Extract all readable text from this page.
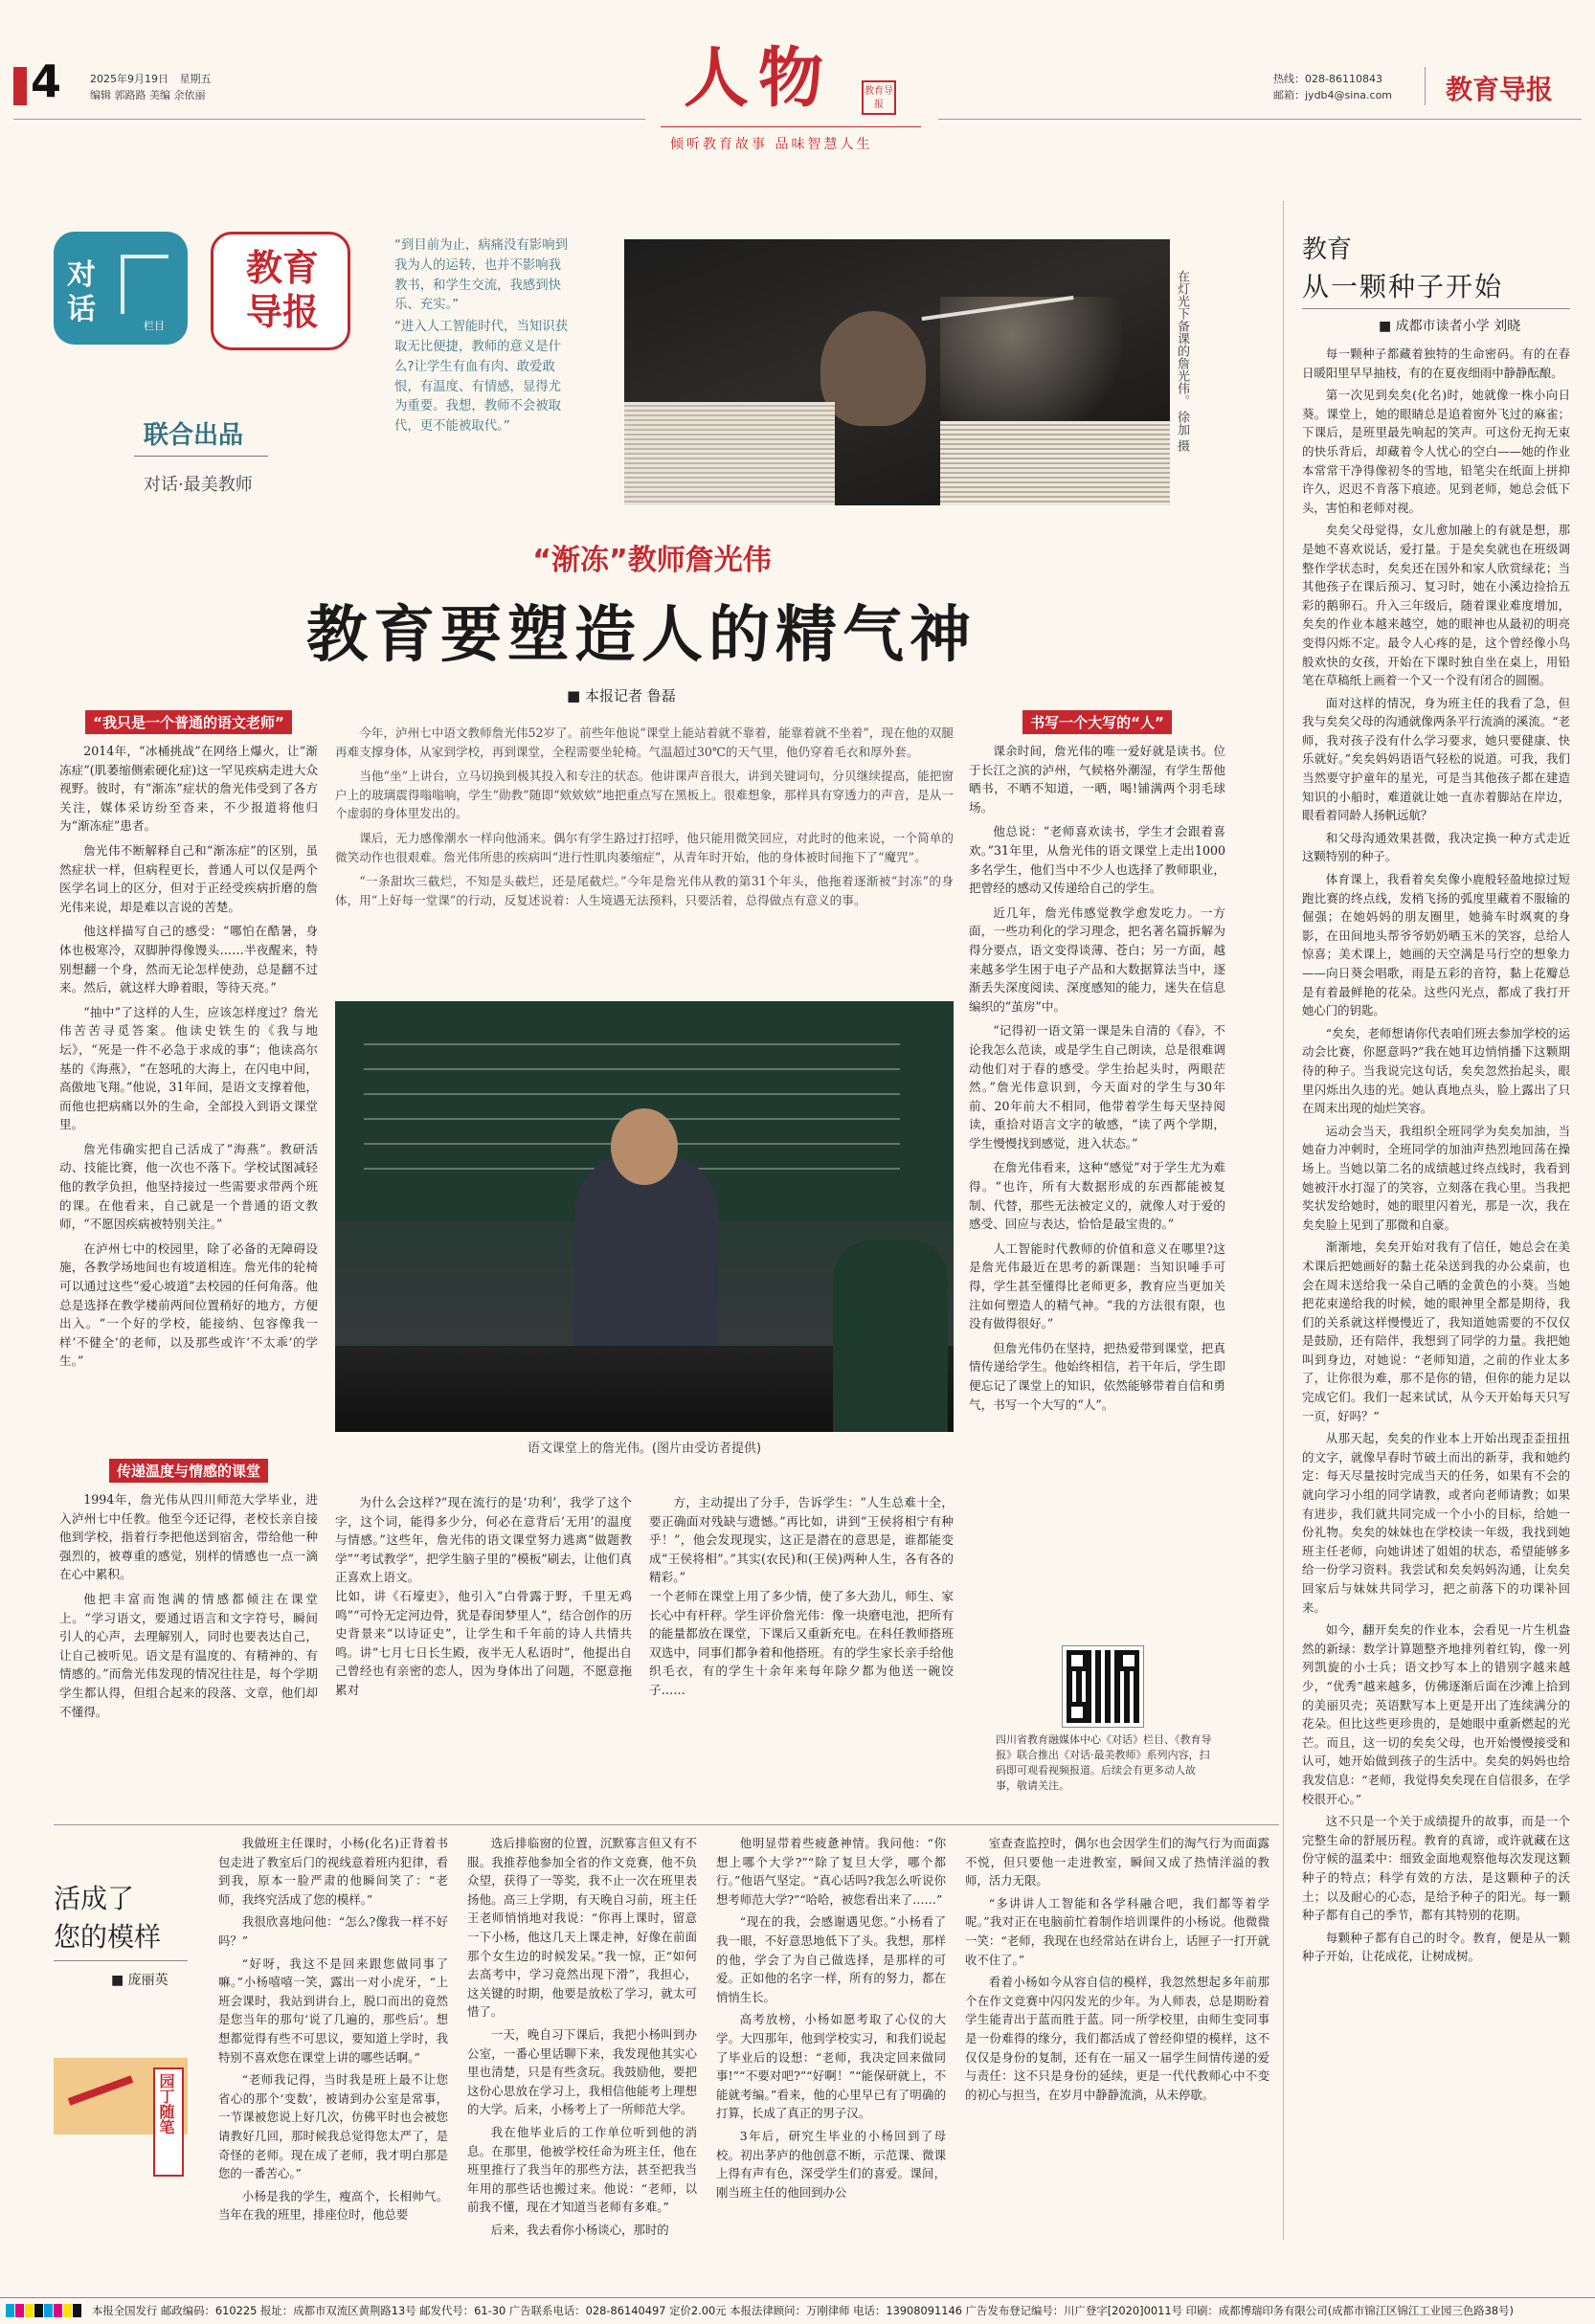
4	2025年9月19日 星期五
编辑 郭路路 美编 余依丽	人物	教育导报
倾听教育故事 品味智慧人生
热线：028-86110843
邮箱：jydb4@sina.com 教育导报
对话	栏目
教育导报
联合出品
对话·最美教师

“到目前为止，病痛没有影响到我为人的运转，也并不影响我教书，和学生交流，我感到快乐、充实。”

“进入人工智能时代，当知识获取无比便捷，教师的意义是什么?让学生有血有肉、敢爱敢恨，有温度、有情感，显得尤为重要。我想，教师不会被取代，更不能被取代。”	在灯光下备课的詹光伟。 徐加 摄
“渐冻”教师詹光伟
教育要塑造人的精气神
■ 本报记者 鲁磊
“我只是一个普通的语文老师”

2014年，“冰桶挑战”在网络上爆火，让“渐冻症”(肌萎缩侧索硬化症)这一罕见疾病走进大众视野。彼时，有“渐冻”症状的詹光伟受到了各方关注，媒体采访纷至沓来，不少报道将他归为“渐冻症”患者。

詹光伟不断解释自己和“渐冻症”的区别，虽然症状一样，但病程更长，普通人可以仅是两个医学名词上的区分，但对于正经受疾病折磨的詹光伟来说，却是难以言说的苦楚。

他这样描写自己的感受：“哪怕在酷暑，身体也极寒冷，双脚肿得像馒头……半夜醒来，特别想翻一个身，然而无论怎样使劲，总是翻不过来。然后，就这样大睁着眼，等待天亮。”

“抽中”了这样的人生，应该怎样度过？詹光伟苦苦寻觅答案。他读史铁生的《我与地坛》，“死是一件不必急于求成的事”；他读高尔基的《海燕》，“在怒吼的大海上，在闪电中间，高傲地飞翔。”他说，31年间，是语文支撑着他，而他也把病痛以外的生命，全部投入到语文课堂里。

詹光伟确实把自己活成了“海燕”。教研活动、技能比赛，他一次也不落下。学校试图减轻他的教学负担，他坚持接过一些需要求带两个班的课。在他看来，自己就是一个普通的语文教师，“不愿因疾病被特别关注。”

在泸州七中的校园里，除了必备的无障碍设施，各教学场地间也有坡道相连。詹光伟的轮椅可以通过这些“爱心坡道”去校园的任何角落。他总是选择在教学楼前两间位置稍好的地方，方便出入。“一个好的学校，能接纳、包容像我一样‘不健全’的老师，以及那些或许‘不太乖’的学生。”

今年，泸州七中语文教师詹光伟52岁了。前些年他说“课堂上能站着就不靠着，能靠着就不坐着”，现在他的双腿再难支撑身体，从家到学校，再到课堂，全程需要坐轮椅。气温超过30℃的天气里，他仍穿着毛衣和厚外套。

当他“坐”上讲台，立马切换到极其投入和专注的状态。他讲课声音很大，讲到关键词句，分贝继续提高，能把窗户上的玻璃震得嗡嗡响，学生“勋教”随即“欸欸欸”地把重点写在黑板上。很难想象，那样具有穿透力的声音，是从一个虚弱的身体里发出的。

课后，无力感像潮水一样向他涌来。偶尔有学生路过打招呼，他只能用微笑回应，对此时的他来说，一个简单的微笑动作也很艰难。詹光伟所患的疾病叫“进行性肌肉萎缩症”，从青年时开始，他的身体被时间拖下了“魔咒”。

“一条甜坎三截烂，不知是头截烂，还是尾截烂。”今年是詹光伟从教的第31个年头，他拖着逐渐被“封冻”的身体，用“上好每一堂课”的行动，反复述说着：人生境遇无法预料，只要活着，总得做点有意义的事。

语文课堂上的詹光伟。(图片由受访者提供)
书写一个大写的“人”

课余时间，詹光伟的唯一爱好就是读书。位于长江之滨的泸州，气候格外潮湿，有学生帮他晒书，不晒不知道，一晒，喝!铺满两个羽毛球场。

他总说：“老师喜欢读书，学生才会跟着喜欢。”31年里，从詹光伟的语文课堂上走出1000多名学生，他们当中不少人也选择了教师职业，把曾经的感动又传递给自己的学生。

近几年，詹光伟感觉教学愈发吃力。一方面，一些功利化的学习理念，把名著名篇拆解为得分要点，语文变得谈薄、苍白；另一方面，越来越多学生困于电子产品和大数据算法当中，逐渐丢失深度阅读、深度感知的能力，迷失在信息编织的“茧房”中。

“记得初一语文第一课是朱自清的《春》，不论我怎么范读，或是学生自己朗读，总是很难调动他们对于春的感受。学生抬起头时，两眼茫然。”詹光伟意识到，今天面对的学生与30年前、20年前大不相同，他带着学生每天坚持阅读，重拾对语言文字的敏感，“读了两个学期，学生慢慢找到感觉，进入状态。”

在詹光伟看来，这种“感觉”对于学生尤为难得。“也许，所有大数据形成的东西都能被复制、代替，那些无法被定义的，就像人对于爱的感受、回应与表达，恰恰是最宝贵的。”

人工智能时代教师的价值和意义在哪里?这是詹光伟最近在思考的新课题：当知识唾手可得，学生甚至懂得比老师更多，教育应当更加关注如何塑造人的精气神。“我的方法很有限，也没有做得很好。”

但詹光伟仍在坚持，把热爱带到课堂，把真情传递给学生。他始终相信，若干年后，学生即便忘记了课堂上的知识，依然能够带着自信和勇气，书写一个大写的“人”。

四川省教育融媒体中心《对话》栏目、《教育导报》联合推出《对话·最美教师》系列内容，扫码即可观看视频报道。后续会有更多动人故事，敬请关注。
传递温度与情感的课堂

1994年，詹光伟从四川师范大学毕业，进入泸州七中任教。他至今还记得，老校长亲自接他到学校，指着行李把他送到宿舍，带给他一种强烈的，被尊重的感觉，别样的情感也一点一滴在心中累积。

他把丰富而饱满的情感都倾注在课堂上。“学习语文，要通过语言和文字符号，瞬间引人的心声，去理解别人，同时也要表达自己，让自己被听见。语文是有温度的、有精神的、有情感的。”而詹光伟发现的情况往往是，每个学期学生都认得，但组合起来的段落、文章，他们却不懂得。

为什么会这样?“现在流行的是‘功利’，我学了这个字，这个词，能得多少分，何必在意背后‘无用’的温度与情感。”这些年，詹光伟的语文课堂努力逃离“做题教学”“考试教学”，把学生脑子里的“模板”刷去，让他们真正喜欢上语文。
比如，讲《石壕吏》，他引入“白骨露于野，千里无鸡鸣”“可怜无定河边骨，犹是春闺梦里人”，结合创作的历史背景来“以诗证史”，让学生和千年前的诗人共情共鸣。讲“七月七日长生殿，夜半无人私语时”，他提出自己曾经也有亲密的恋人，因为身体出了问题，不愿意拖累对

方，主动提出了分手，告诉学生：“人生总难十全，要正确面对残缺与遗憾。”再比如，讲到“王侯将相宁有种乎！”，他会发现现实，这正是潜在的意思是，谁都能变成“王侯将相”。”其实(农民)和(王侯)两种人生，各有各的精彩。”
一个老师在课堂上用了多少情，使了多大劲儿，师生、家长心中有杆秤。学生评价詹光伟：像一块磨电池，把所有的能量都放在课堂，下课后又重新充电。在科任教师搭班双选中，同事们都争着和他搭班。有的学生家长亲手给他织毛衣，有的学生十余年来每年除夕都为他送一碗饺子……

教育
从一颗种子开始
■ 成都市读者小学 刘晓

每一颗种子都藏着独特的生命密码。有的在春日暖阳里早早抽枝，有的在夏夜细雨中静静酝酿。

第一次见到矣矣(化名)时，她就像一株小向日葵。课堂上，她的眼睛总是追着窗外飞过的麻雀；下课后，是班里最先响起的笑声。可这份无拘无束的快乐背后，却藏着令人忧心的空白——她的作业本常常干净得像初冬的雪地，铅笔尖在纸面上拼抑许久，迟迟不肯落下痕迹。见到老师，她总会低下头，害怕和老师对视。

矣矣父母觉得，女儿愈加融上的有就是想，那是她不喜欢说话，爱打量。于是矣矣就也在班级调整作学状态时，矣矣还在国外和家人欣赏绿花；当其他孩子在课后预习、复习时，她在小溪边捡拾五彩的鹅卵石。升入三年级后，随着课业难度增加，矣矣的作业本越来越空，她的眼神也从最初的明亮变得闪烁不定。最令人心疼的是，这个曾经像小鸟般欢快的女孩，开始在下课时独自坐在桌上，用铅笔在草稿纸上画着一个又一个没有闭合的圆圈。

面对这样的情况，身为班主任的我看了急，但我与矣矣父母的沟通就像两条平行流淌的溪流。“老师，我对孩子没有什么学习要求，她只要健康、快乐就好。”矣矣妈妈语语气轻松的说道。可我，我们当然要守护童年的星光，可是当其他孩子都在建造知识的小船时，难道就让她一直赤着脚站在岸边，眼看着同龄人扬帆远航？

和父母沟通效果甚微，我决定换一种方式走近这颗特别的种子。

体育课上，我看着矣矣像小鹿般轻盈地掠过短跑比赛的终点线，发梢飞扬的弧度里藏着不服输的倔强；在她妈妈的朋友圈里，她骑车时飒爽的身影，在田间地头帮爷爷奶奶晒玉米的笑容，总给人惊喜；美术课上，她画的天空满是马行空的想象力——向日葵会唱歌，雨是五彩的音符，黏上花瓣总是有着最鲜艳的花朵。这些闪光点，都成了我打开她心门的钥匙。

“矣矣，老师想请你代表咱们班去参加学校的运动会比赛，你愿意吗?”我在她耳边悄悄播下这颗期待的种子。当我说完这句话，矣矣忽然抬起头，眼里闪烁出久违的光。她认真地点头，脸上露出了只在周末出现的灿烂笑容。

运动会当天，我组织全班同学为矣矣加油，当她奋力冲刺时，全班同学的加油声热烈地回荡在操场上。当她以第二名的成绩越过终点线时，我看到她被汗水打湿了的笑容，立刻落在我心里。当我把奖状发给她时，她的眼里闪着光，那是一次，我在矣矣脸上见到了那微和自豪。

渐渐地，矣矣开始对我有了信任，她总会在美术课后把她画好的黏土花朵送到我的办公桌前，也会在周末送给我一朵自己晒的金黄色的小葵。当她把花束递给我的时候，她的眼神里全都是期待，我们的关系就这样慢慢近了，我知道她需要的不仅仅是鼓励，还有陪伴，我想到了同学的力量。我把她叫到身边，对她说：“老师知道，之前的作业太多了，让你很为难，那不是你的错，但你的能力足以完成它们。我们一起来试试，从今天开始每天只写一页，好吗？”

从那天起，矣矣的作业本上开始出现歪歪扭扭的文字，就像早春时节破土而出的新芽，我和她约定：每天尽量按时完成当天的任务，如果有不会的就向学习小组的同学请教，或者向老师请教；如果有进步，我们就共同完成一个小小的目标，给她一份礼物。矣矣的妹妹也在学校读一年级，我找到她班主任老师，向她讲述了姐姐的状态，希望能够多给一份学习资料。我尝试和矣矣妈妈沟通，让矣矣回家后与妹妹共同学习，把之前落下的功课补回来。

如今，翻开矣矣的作业本，会看见一片生机盎然的新绿：数学计算题整齐地排列着红钩，像一列列凯旋的小士兵；语文抄写本上的错别字越来越少，“优秀”越来越多，仿佛逐渐后面在沙滩上拾到的美丽贝壳；英语默写本上更是开出了连续满分的花朵。但比这些更珍贵的，是她眼中重新燃起的光芒。而且，这一切的矣矣父母，也开始慢慢接受和认可，她开始做到孩子的生活中。矣矣的妈妈也给我发信息：“老师，我觉得矣矣现在自信很多，在学校很开心。”

这不只是一个关于成绩提升的故事，而是一个完整生命的舒展历程。教育的真谛，或许就藏在这份守候的温柔中：细致金面地观察他每次发现这颗种子的特点；科学有效的方法，是这颗种子的沃土；以及耐心的心态，是给予种子的阳光。每一颗种子都有自己的季节，都有其特别的花期。

每颗种子都有自己的时令。教育，便是从一颗种子开始，让花成花，让树成树。

活成了
您的模样
■ 庞丽英
园丁随笔

我做班主任课时，小杨(化名)正背着书包走进了教室后门的视线意着班内犯律，看到我，原本一脸严肃的他瞬间笑了：“老师，我终究活成了您的模样。”

我很欣喜地问他：“怎么?像我一样不好吗？”

“好呀，我这不是回来跟您做同事了嘛。”小杨嘻嘻一笑，露出一对小虎牙，“上班会课时，我站到讲台上，脱口而出的竟然是您当年的那句‘说了几遍的，那些后’。想想都觉得有些不可思议，要知道上学时，我特别不喜欢您在课堂上讲的哪些话啊。”

“老师我记得，当时我是班上最不让您省心的那个‘变数’，被请到办公室是常事，一节课被您说上好几次，仿佛平时也会被您请教好几回，那时候我总觉得您太严了，是奇怪的老师。现在成了老师，我才明白那是您的一番苦心。”

小杨是我的学生，瘦高个，长相帅气。当年在我的班里，排座位时，他总要

选后排临窗的位置，沉默寡言但又有不服。我推荐他参加全省的作文竞赛，他不负众望，获得了一等奖，我不止一次在班里表扬他。高三上学期，有天晚自习前，班主任王老师悄悄地对我说：“你再上课时，留意一下小杨，他这几天上课走神，好像在前面那个女生边的时候发呆。”我一惊，正“如何去高考中，学习竟然出现下滑”，我担心，这关键的时期，他要是放松了学习，就太可惜了。

一天，晚自习下课后，我把小杨叫到办公室，一番心里话聊下来，我发现他其实心里也清楚，只是有些贪玩。我鼓励他，要把这份心思放在学习上，我相信他能考上理想的大学。后来，小杨考上了一所师范大学。

我在他毕业后的工作单位听到他的消息。在那里，他被学校任命为班主任，他在班里推行了我当年的那些方法，甚至把我当年用的那些话也搬过来。他说：“老师，以前我不懂，现在才知道当老师有多难。”

后来，我去看你小杨谈心，那时的

他明显带着些疲惫神情。我问他：“你想上哪个大学?”“除了复旦大学，哪个都行。”他语气坚定。“真心话吗?我怎么听说你想考师范大学?”“哈哈，被您看出来了……”

“现在的我，会感谢遇见您。”小杨看了我一眼，不好意思地低下了头。我想，那样的他，学会了为自己做选择，是那样的可爱。正如他的名字一样，所有的努力，都在悄悄生长。

高考放榜，小杨如愿考取了心仪的大学。大四那年，他到学校实习，和我们说起了毕业后的设想：“老师，我决定回来做同事!”“不要对吧?”“好啊！”“能保研就上，不能就考编。”看来，他的心里早已有了明确的打算，长成了真正的男子汉。

3年后，研究生毕业的小杨回到了母校。初出茅庐的他创意不断，示范课、微课上得有声有色，深受学生们的喜爱。课间，刚当班主任的他回到办公

室查查监控时，偶尔也会因学生们的淘气行为而面露不悦，但只要他一走进教室，瞬间又成了热情洋溢的教师，活力无限。

“多讲讲人工智能和各学科融合吧，我们都等着学呢。”我对正在电脑前忙着制作培训课件的小杨说。他微微一笑：“老师，我现在也经常站在讲台上，话匣子一打开就收不住了。”

看着小杨如今从容自信的模样，我忽然想起多年前那个在作文竞赛中闪闪发光的少年。为人师表，总是期盼着学生能青出于蓝而胜于蓝。同一所学校里，由师生变同事是一份难得的缘分，我们都活成了曾经仰望的模样，这不仅仅是身份的复制，还有在一届又一届学生间情传递的爱与责任：这不只是身份的延续，更是一代代教师心中不变的初心与担当，在岁月中静静流淌，从未停歇。

本报全国发行 邮政编码：610225 报址：成都市双流区黄荆路13号 邮发代号：61-30 广告联系电话：028-86140497 定价2.00元 本报法律顾问：万刚律师 电话：13908091146 广告发布登记编号：川广登字[2020]0011号 印刷：成都博瑞印务有限公司(成都市锦江区锦江工业园三色路38号)
